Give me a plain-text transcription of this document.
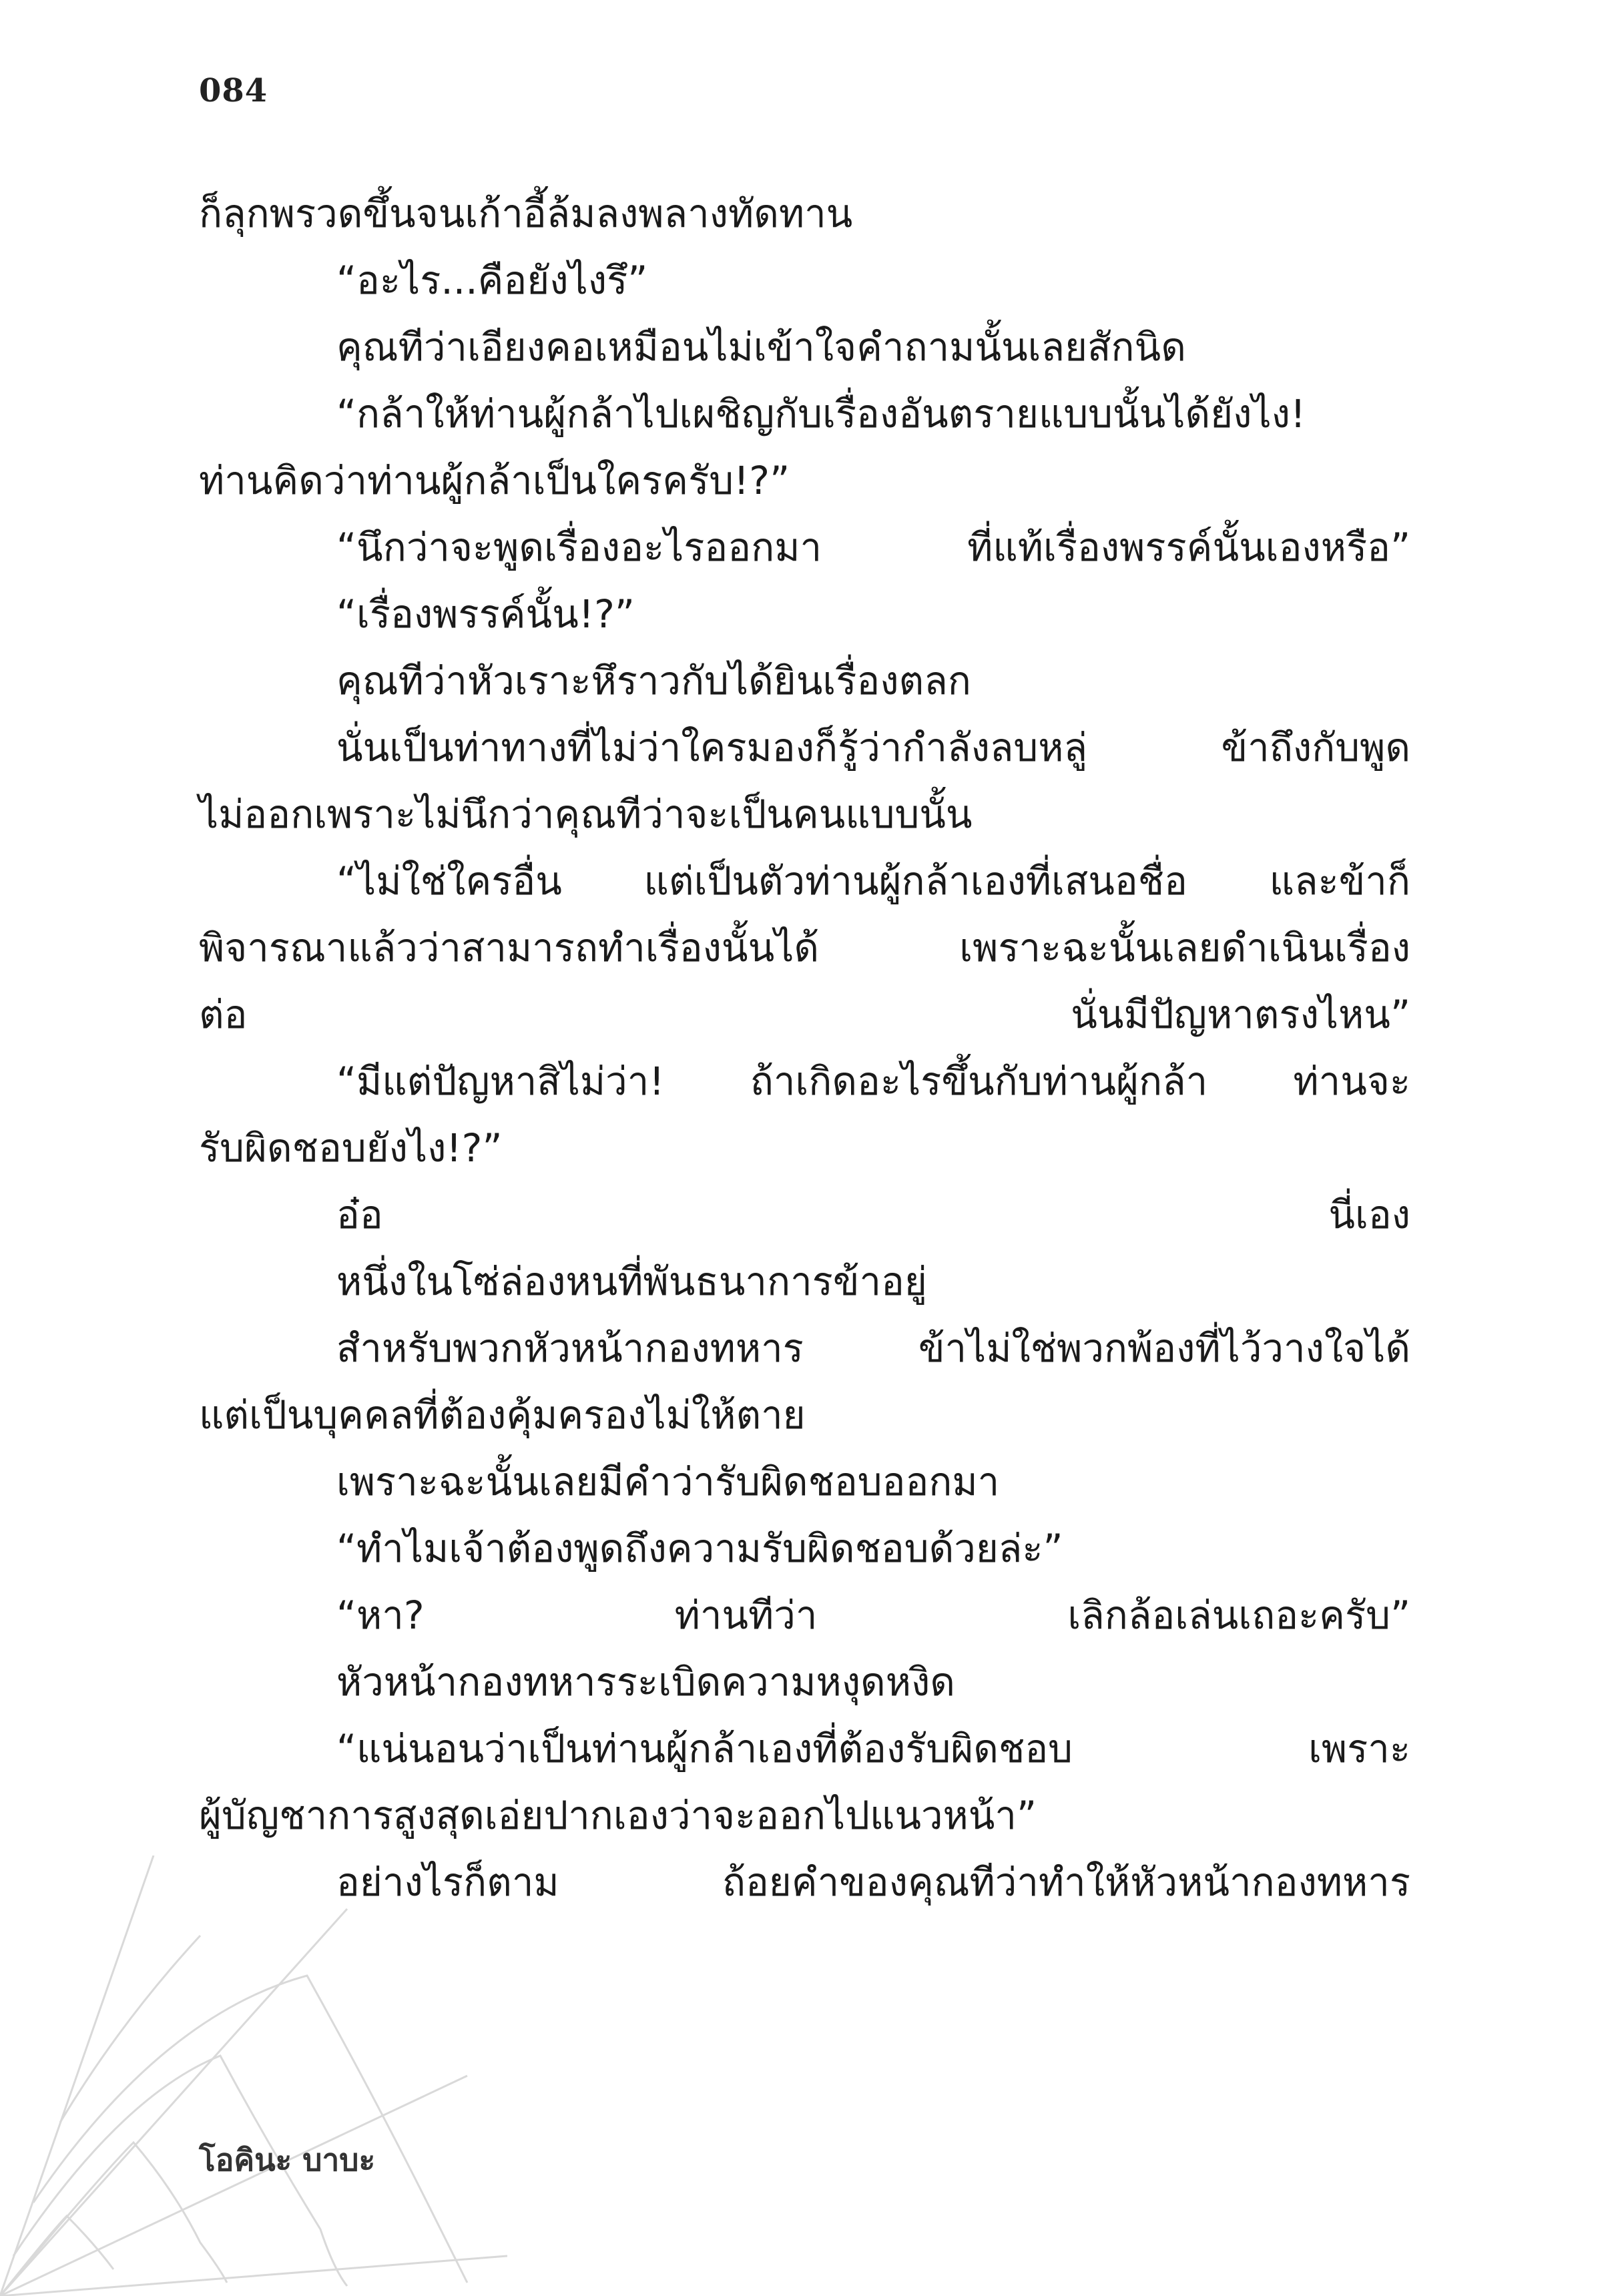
084
ก็ลุกพรวดขึ้นจนเก้าอี้ล้มลงพลางทัดทาน
“อะไร...คือยังไงรึ”
คุณทีว่าเอียงคอเหมือนไม่เข้าใจคำถามนั้นเลยสักนิด
“กล้าให้ท่านผู้กล้าไปเผชิญกับเรื่องอันตรายแบบนั้นได้ยังไง!
ท่านคิดว่าท่านผู้กล้าเป็นใครครับ!?”
“นึกว่าจะพูดเรื่องอะไรออกมา	ที่แท้เรื่องพรรค์นั้นเองหรือ”
“เรื่องพรรค์นั้น!?”
คุณทีว่าหัวเราะหึราวกับได้ยินเรื่องตลก
นั่นเป็นท่าทางที่ไม่ว่าใครมองก็รู้ว่ากำลังลบหลู่	ข้าถึงกับพูด
ไม่ออกเพราะไม่นึกว่าคุณทีว่าจะเป็นคนแบบนั้น
“ไม่ใช่ใครอื่น แต่เป็นตัวท่านผู้กล้าเองที่เสนอชื่อ และข้าก็
พิจารณาแล้วว่าสามารถทำเรื่องนั้นได้	เพราะฉะนั้นเลยดำเนินเรื่อง
ต่อ	นั่นมีปัญหาตรงไหน”
“มีแต่ปัญหาสิไม่ว่า! ถ้าเกิดอะไรขึ้นกับท่านผู้กล้า ท่านจะ
รับผิดชอบยังไง!?”
อ๋อ	นี่เอง
หนึ่งในโซ่ล่องหนที่พันธนาการข้าอยู่
สำหรับพวกหัวหน้ากองทหาร	ข้าไม่ใช่พวกพ้องที่ไว้วางใจได้
แต่เป็นบุคคลที่ต้องคุ้มครองไม่ให้ตาย
เพราะฉะนั้นเลยมีคำว่ารับผิดชอบออกมา
“ทำไมเจ้าต้องพูดถึงความรับผิดชอบด้วยล่ะ”
“หา?	ท่านทีว่า	เลิกล้อเล่นเถอะครับ”
หัวหน้ากองทหารระเบิดความหงุดหงิด
“แน่นอนว่าเป็นท่านผู้กล้าเองที่ต้องรับผิดชอบ	เพราะ
ผู้บัญชาการสูงสุดเอ่ยปากเองว่าจะออกไปแนวหน้า”
อย่างไรก็ตาม	ถ้อยคำของคุณทีว่าทำให้หัวหน้ากองทหาร
โอคินะ บาบะ
